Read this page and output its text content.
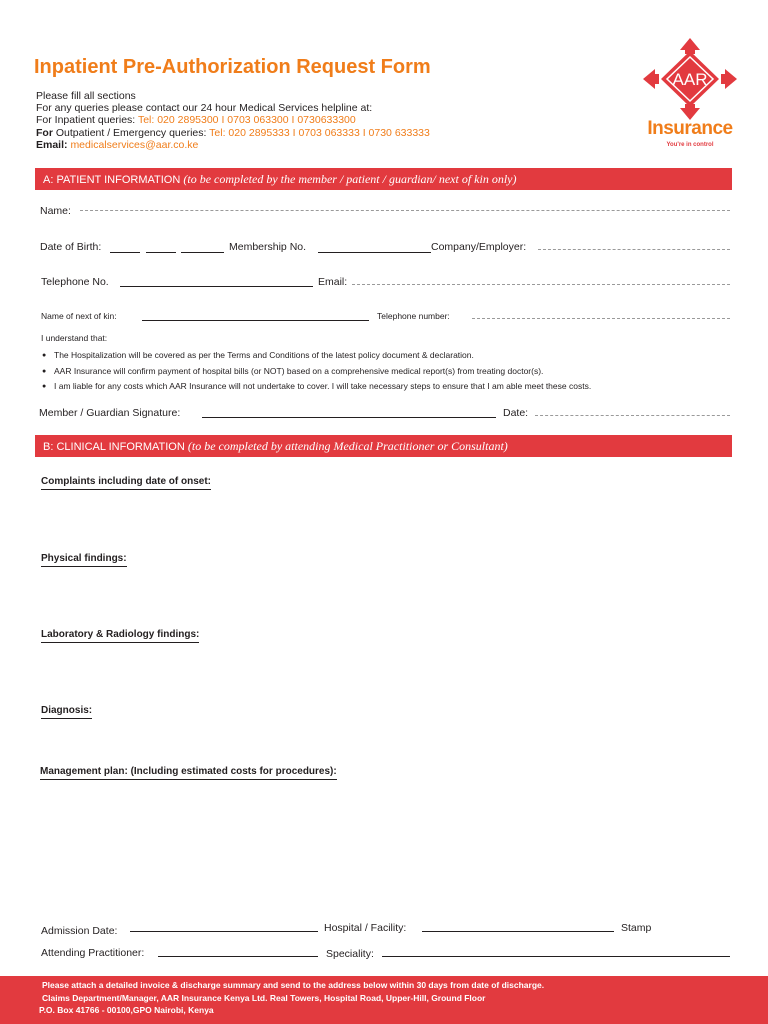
Inpatient Pre-Authorization Request Form
Please fill all sections
For any queries please contact our 24 hour Medical Services helpline at:
For Inpatient queries: Tel: 020 2895300 I 0703 063300 I 0730633300
For Outpatient / Emergency queries: Tel: 020 2895333 I 0703 063333 I 0730 633333
Email: medicalservices@aar.co.ke
AAR
Insurance
You're in control
A: PATIENT INFORMATION (to be completed by the member / patient / guardian/ next of kin only)
Name:
Date of Birth:	Membership No.	Company/Employer:
Telephone No.	Email:
Name of next of kin:	Telephone number:
I understand that:
● The Hospitalization will be covered as per the Terms and Conditions of the latest policy document & declaration.
● AAR Insurance will confirm payment of hospital bills (or NOT) based on a comprehensive medical report(s) from treating doctor(s).
● I am liable for any costs which AAR Insurance will not undertake to cover. I will take necessary steps to ensure that I am able meet these costs.
Member / Guardian Signature:	Date:
B: CLINICAL INFORMATION (to be completed by attending Medical Practitioner or Consultant)
Complaints including date of onset:
Physical findings:
Laboratory & Radiology findings:
Diagnosis:
Management plan: (Including estimated costs for procedures):
Admission Date:	Hospital / Facility:	Stamp
Attending Practitioner:	Speciality:
Please attach a detailed invoice & discharge summary and send to the address below within 30 days from date of discharge.
Claims Department/Manager, AAR Insurance Kenya Ltd. Real Towers, Hospital Road, Upper-Hill, Ground Floor
P.O. Box 41766 - 00100,GPO Nairobi, Kenya
